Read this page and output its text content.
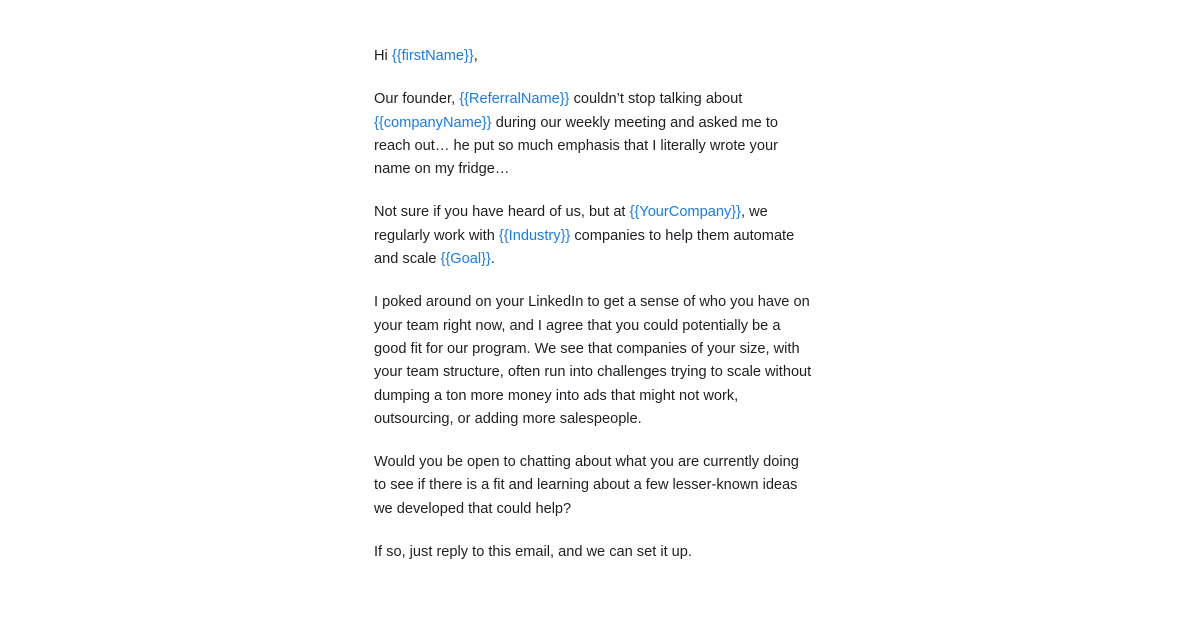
Hi {{firstName}},

Our founder, {{ReferralName}} couldn’t stop talking about {{companyName}} during our weekly meeting and asked me to reach out… he put so much emphasis that I literally wrote your name on my fridge…

Not sure if you have heard of us, but at {{YourCompany}}, we regularly work with {{Industry}} companies to help them automate and scale {{Goal}}.

I poked around on your LinkedIn to get a sense of who you have on your team right now, and I agree that you could potentially be a good fit for our program. We see that companies of your size, with your team structure, often run into challenges trying to scale without dumping a ton more money into ads that might not work, outsourcing, or adding more salespeople.

Would you be open to chatting about what you are currently doing to see if there is a fit and learning about a few lesser-known ideas we developed that could help?

If so, just reply to this email, and we can set it up.
